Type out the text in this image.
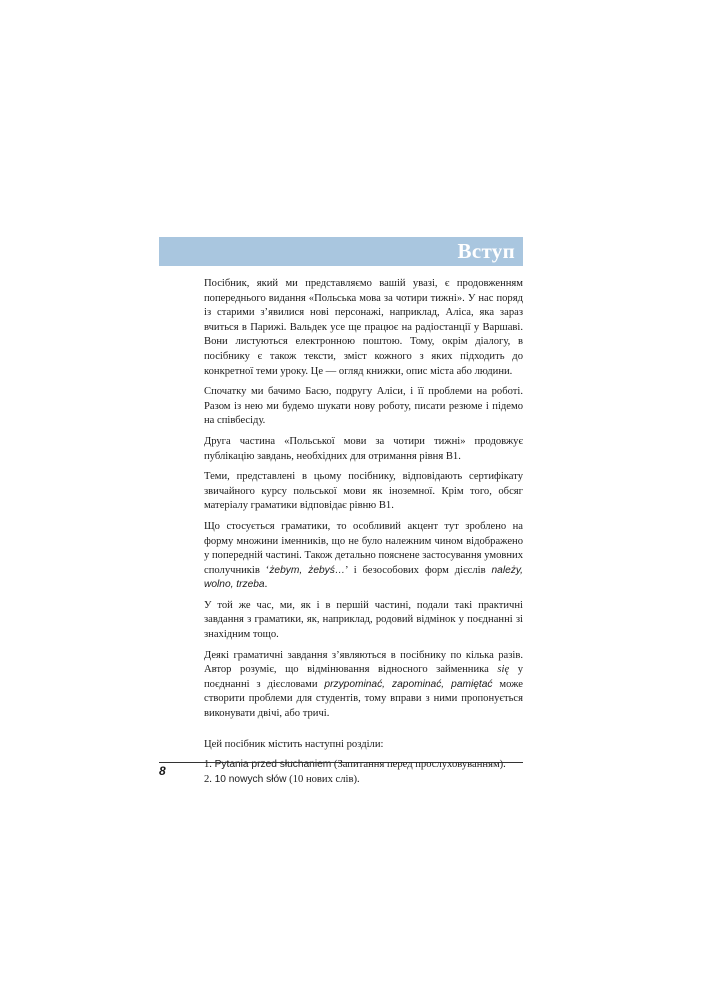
Вступ

Посібник, який ми представляємо вашій увазі, є продовженням попереднього видання «Польська мова за чотири тижні». У нас поряд із старими з’явилися нові персонажі, наприклад, Аліса, яка зараз вчиться в Парижі. Вальдек усе ще працює на радіостанції у Варшаві. Вони листуються електронною поштою. Тому, окрім діалогу, в посібнику є також тексти, зміст кожного з яких підходить до конкретної теми уроку. Це — огляд книжки, опис міста або людини.

Спочатку ми бачимо Басю, подругу Аліси, і її проблеми на роботі. Разом із нею ми будемо шукати нову роботу, писати резюме і підемо на співбесіду.

Друга частина «Польської мови за чотири тижні» продовжує публікацію завдань, необхідних для отримання рівня В1.

Теми, представлені в цьому посібнику, відповідають сертифікату звичайного курсу польської мови як іноземної. Крім того, обсяг матеріалу граматики відповідає рівню В1.

Що стосується граматики, то особливий акцент тут зроблено на форму множини іменників, що не було належним чином відображено у попередній частині. Також детально пояснене застосування умовних сполучників ‘żebym, żebyś…’ і безособових форм дієслів należy, wolno, trzeba.

У той же час, ми, як і в першій частині, подали такі практичні завдання з граматики, як, наприклад, родовий відмінок у поєднанні зі знахідним тощо.

Деякі граматичні завдання з’являються в посібнику по кілька разів. Автор розуміє, що відмінювання відносного займенника się у поєднанні з дієсловами przypominać, zapominać, pamiętać може створити проблеми для студентів, тому вправи з ними пропонується виконувати двічі, або тричі.

Цей посібник містить наступні розділи:

1. Pytania przed słuchaniem (Запитання перед прослуховуванням).

2. 10 nowych słów (10 нових слів).

8
